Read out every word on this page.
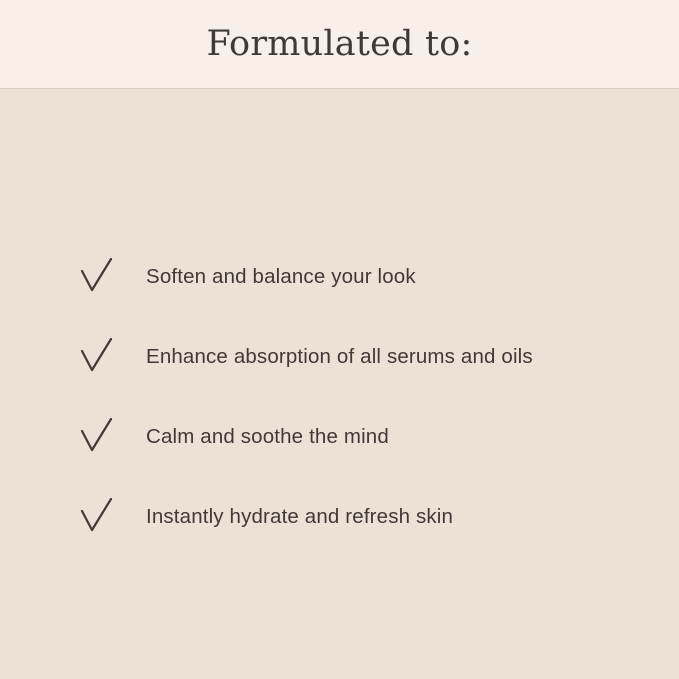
Formulated to:
Soften and balance your look
Enhance absorption of all serums and oils
Calm and soothe the mind
Instantly hydrate and refresh skin
